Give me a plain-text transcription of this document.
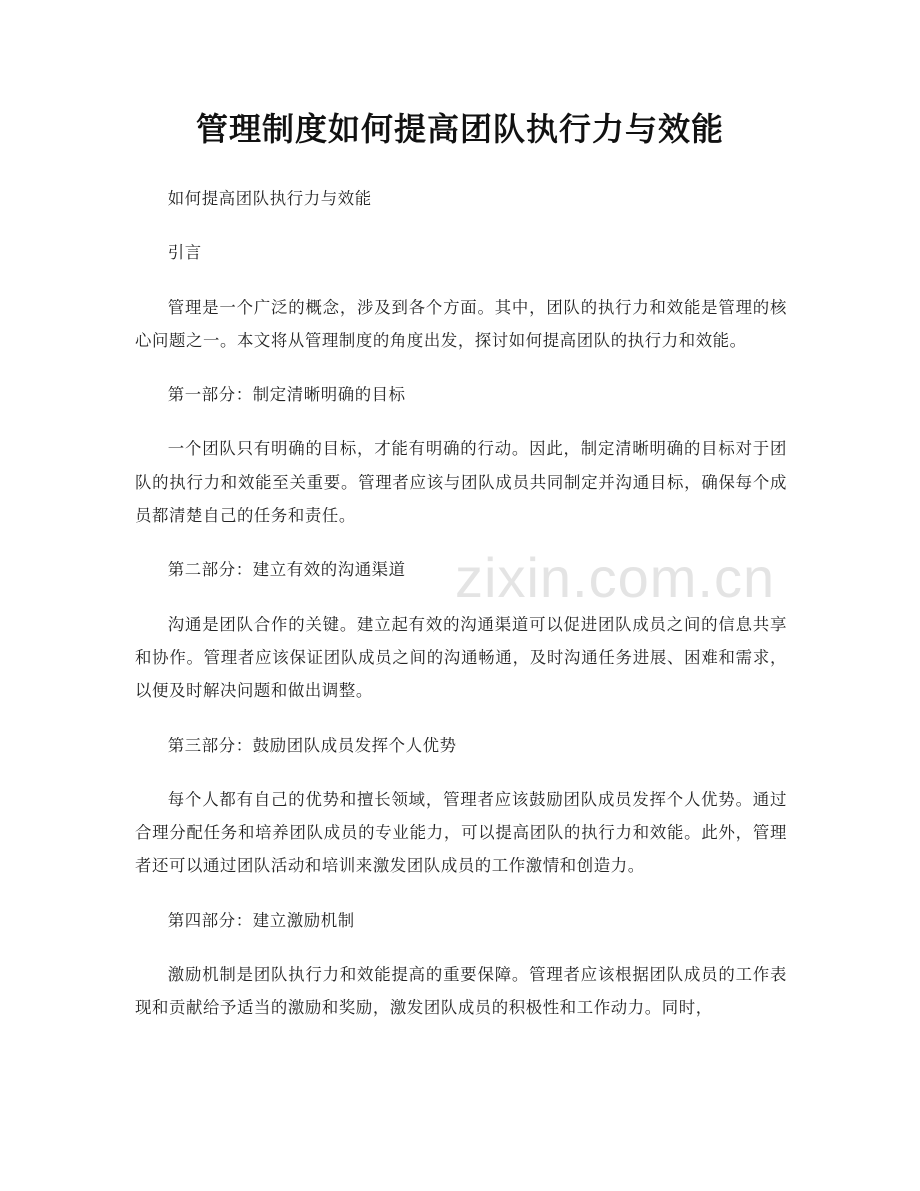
管理制度如何提高团队执行力与效能

如何提高团队执行力与效能

引言

管理是一个广泛的概念，涉及到各个方面。其中，团队的执行力和效能是管理的核心问题之一。本文将从管理制度的角度出发，探讨如何提高团队的执行力和效能。

第一部分：制定清晰明确的目标

一个团队只有明确的目标，才能有明确的行动。因此，制定清晰明确的目标对于团队的执行力和效能至关重要。管理者应该与团队成员共同制定并沟通目标，确保每个成员都清楚自己的任务和责任。

第二部分：建立有效的沟通渠道

沟通是团队合作的关键。建立起有效的沟通渠道可以促进团队成员之间的信息共享和协作。管理者应该保证团队成员之间的沟通畅通，及时沟通任务进展、困难和需求，以便及时解决问题和做出调整。

第三部分：鼓励团队成员发挥个人优势

每个人都有自己的优势和擅长领域，管理者应该鼓励团队成员发挥个人优势。通过合理分配任务和培养团队成员的专业能力，可以提高团队的执行力和效能。此外，管理者还可以通过团队活动和培训来激发团队成员的工作激情和创造力。

第四部分：建立激励机制

激励机制是团队执行力和效能提高的重要保障。管理者应该根据团队成员的工作表现和贡献给予适当的激励和奖励，激发团队成员的积极性和工作动力。同时，

zixin.com.cn
